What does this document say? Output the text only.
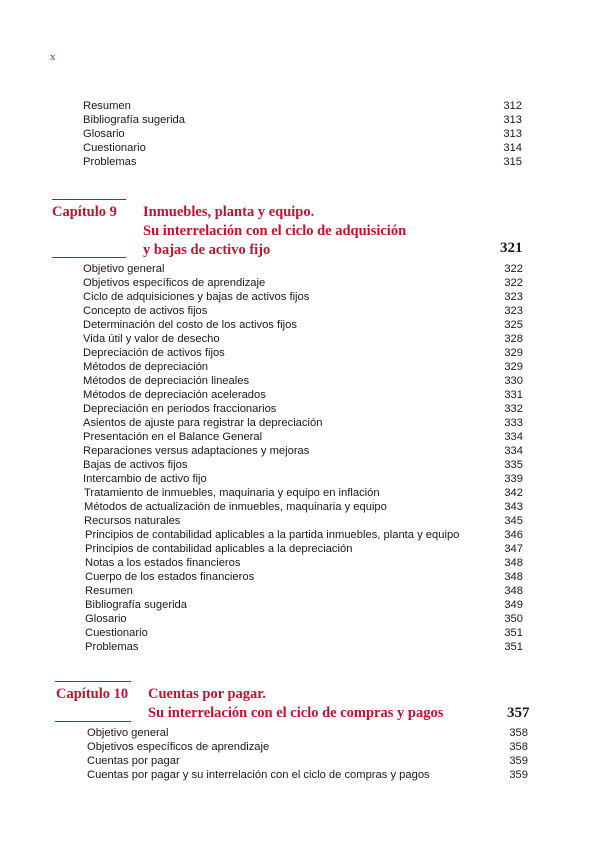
x
Resumen	312
Bibliografía sugerida	313
Glosario	313
Cuestionario	314
Problemas	315
Capítulo 9 Inmuebles, planta y equipo.
Su interrelación con el ciclo de adquisición
y bajas de activo fijo	321
Objetivo general	322
Objetivos específicos de aprendizaje	322
Ciclo de adquisiciones y bajas de activos fijos	323
Concepto de activos fijos	323
Determinación del costo de los activos fijos	325
Vida útil y valor de desecho	328
Depreciación de activos fijos	329
Métodos de depreciación	329
Métodos de depreciación lineales	330
Métodos de depreciación acelerados	331
Depreciación en periodos fraccionarios	332
Asientos de ajuste para registrar la depreciación	333
Presentación en el Balance General	334
Reparaciones versus adaptaciones y mejoras	334
Bajas de activos fijos	335
Intercambio de activo fijo	339
Tratamiento de inmuebles, maquinaria y equipo en inflación	342
Métodos de actualización de inmuebles, maquinaria y equipo	343
Recursos naturales	345
Principios de contabilidad aplicables a la partida inmuebles, planta y equipo	346
Principios de contabilidad aplicables a la depreciación	347
Notas a los estados financieros	348
Cuerpo de los estados financieros	348
Resumen	348
Bibliografía sugerida	349
Glosario	350
Cuestionario	351
Problemas	351
Capítulo 10 Cuentas por pagar.
Su interrelación con el ciclo de compras y pagos	357
Objetivo general	358
Objetivos específicos de aprendizaje	358
Cuentas por pagar	359
Cuentas por pagar y su interrelación con el ciclo de compras y pagos	359
